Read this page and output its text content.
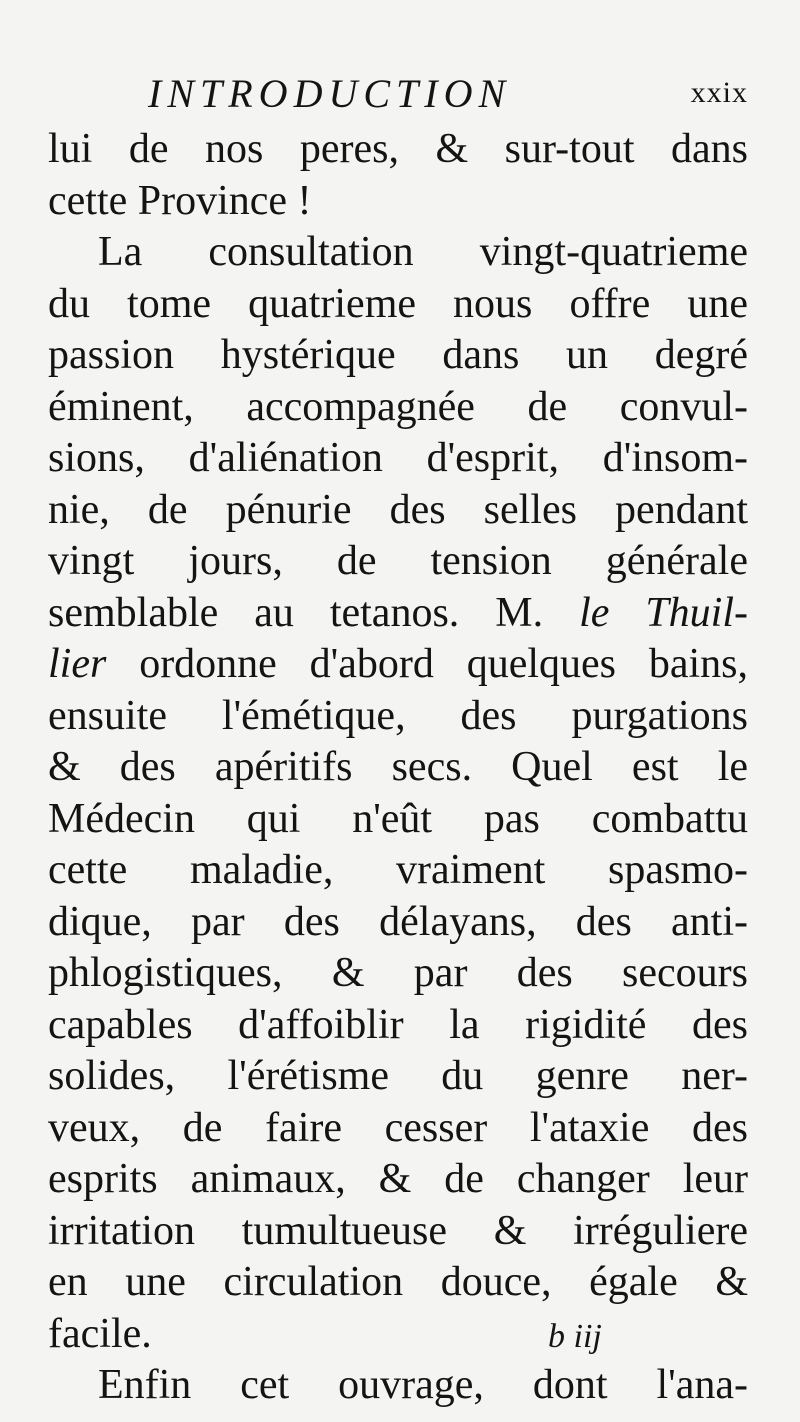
INTRODUCTION	xxix
lui de nos peres, & sur-tout dans
cette Province !
La consultation vingt-quatrieme
du tome quatrieme nous offre une
passion hystérique dans un degré
éminent, accompagnée de convul-
sions, d'aliénation d'esprit, d'insom-
nie, de pénurie des selles pendant
vingt jours, de tension générale
semblable au tetanos. M. le Thuil-
lier ordonne d'abord quelques bains,
ensuite l'émétique, des purgations
& des apéritifs secs. Quel est le
Médecin qui n'eût pas combattu
cette maladie, vraiment spasmo-
dique, par des délayans, des anti-
phlogistiques, & par des secours
capables d'affoiblir la rigidité des
solides, l'érétisme du genre ner-
veux, de faire cesser l'ataxie des
esprits animaux, & de changer leur
irritation tumultueuse & irréguliere
en une circulation douce, égale &
facile.
Enfin cet ouvrage, dont l'ana-
b iij
